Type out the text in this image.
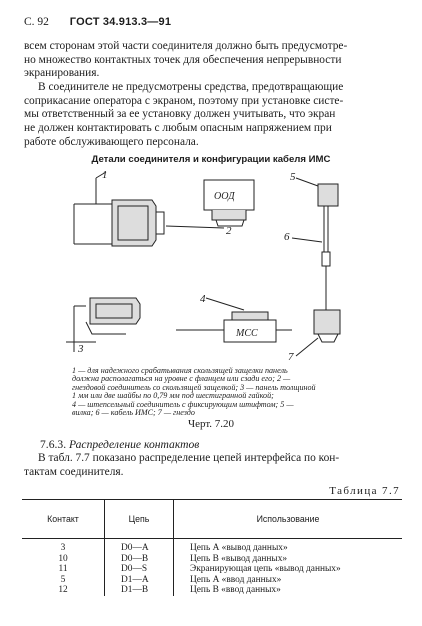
С. 92 ГОСТ 34.913.3—91
всем сторонам этой части соединителя должно быть предусмотре-
но множество контактных точек для обеспечения непрерывности
экранирования.
В соединителе не предусмотрены средства, предотвращающие
соприкасание оператора с экраном, поэтому при установке систе-
мы ответственный за ее установку должен учитывать, что экран
не должен контактировать с любым опасным напряжением при
работе обслуживающего персонала.
Детали соединителя и конфигурации кабеля ИМС
1
ООД
2
5
6
3
МСС
4
7
1 — для надежного срабатывания скользящей защелки панель
должна располагаться на уровне с фланцем или сзади его; 2 —
гнездовой соединитель со скользящей защелкой; 3 — панель толщиной
1 мм или две шайбы по 0,79 мм под шестигранной гайкой;
4 — штепсельный соединитель с фиксирующим штифтом; 5 —
вилка; 6 — кабель ИМС; 7 — гнездо
Черт. 7.20
7.6.3. Распределение контактов
В табл. 7.7 показано распределение цепей интерфейса по кон-
тактам соединителя.
Таблица 7.7
Контакт	Цепь	Использование
3	D0—A	Цепь А «вывод данных»
10	D0—B	Цепь В «вывод данных»
11	D0—S	Экранирующая цепь «вывод данных»
5	D1—A	Цепь А «ввод данных»
12	D1—B	Цепь В «ввод данных»
